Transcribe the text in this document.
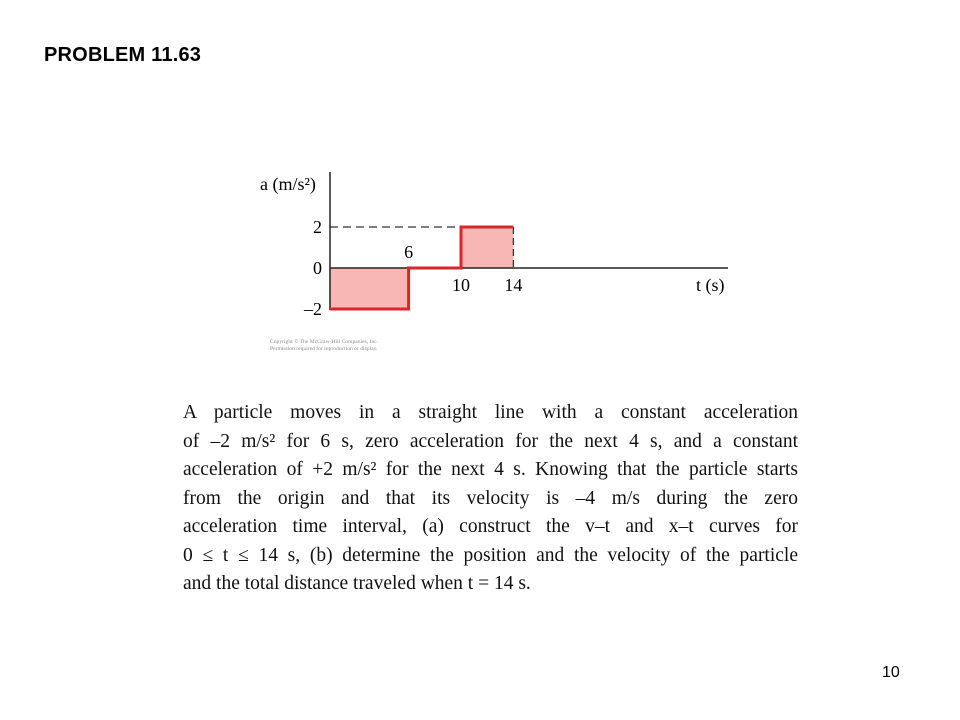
PROBLEM 11.63
a (m/s²)
t (s)
2
0
–2
6
10 14
Copyright © The McGraw-Hill Companies, Inc.
Permission required for reproduction or display.
A particle moves in a straight line with a constant acceleration
of –2 m/s² for 6 s, zero acceleration for the next 4 s, and a constant
acceleration of +2 m/s² for the next 4 s. Knowing that the particle starts
from the origin and that its velocity is –4 m/s during the zero
acceleration time interval, (a) construct the v–t and x–t curves for
0 ≤ t ≤ 14 s, (b) determine the position and the velocity of the particle
and the total distance traveled when t = 14 s.
10
